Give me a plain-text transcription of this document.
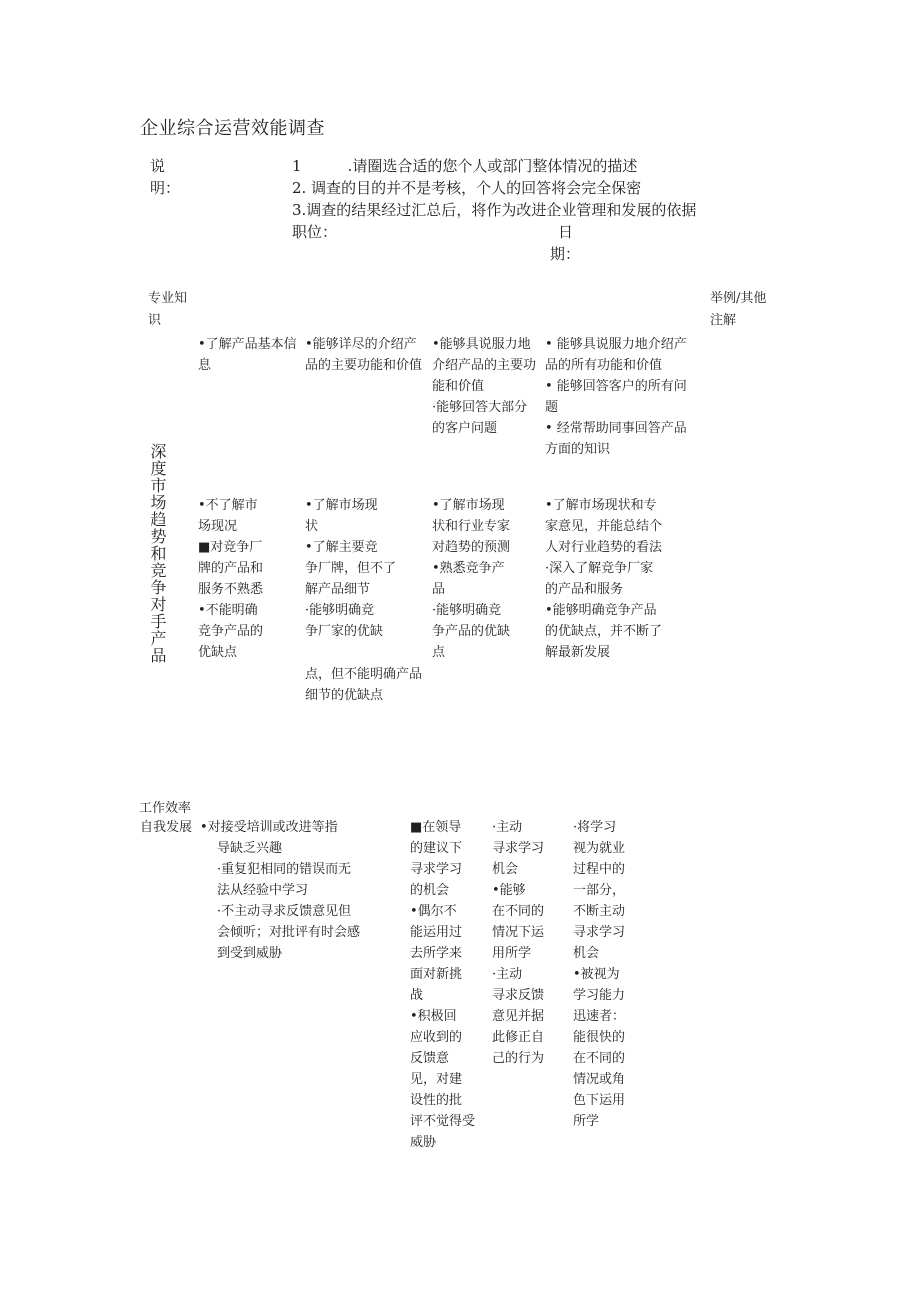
企业综合运营效能调查
说
明：
1	.请圈选合适的您个人或部门整体情况的描述
2. 调查的目的并不是考核，个人的回答将会完全保密
3.调查的结果经过汇总后，将作为改进企业管理和发展的依据
职位：	日
期：
专业知
识
举例/其他
注解
•了解产品基本信
息
•能够详尽的介绍产
品的主要功能和价值
•能够具说服力地
介绍产品的主要功
能和价值
·能够回答大部分
的客户问题
• 能够具说服力地介绍产
品的所有功能和价值
• 能够回答客户的所有问
题
• 经常帮助同事回答产品
方面的知识
深度市场趋势和竞争对手产品 •不了解市
场现况
■对竞争厂
牌的产品和
服务不熟悉
•不能明确
竞争产品的
优缺点
•了解市场现
状
•了解主要竞
争厂牌，但不了
解产品细节
·能够明确竞
争厂家的优缺
点，但不能明确产品
细节的优缺点
•了解市场现
状和行业专家
对趋势的预测
•熟悉竞争产
品
·能够明确竞
争产品的优缺
点
•了解市场现状和专
家意见，并能总结个
人对行业趋势的看法
·深入了解竞争厂家
的产品和服务
•能够明确竞争产品
的优缺点，并不断了
解最新发展
工作效率
自我发展 •对接受培训或改进等指
导缺乏兴趣
·重复犯相同的错误而无
法从经验中学习
·不主动寻求反馈意见但
会倾听；对批评有时会感
到受到威胁
■在领导
的建议下
寻求学习
的机会
•偶尔不
能运用过
去所学来
面对新挑
战
•积极回
应收到的
反馈意
见，对建
设性的批
评不觉得受
威胁
·主动
寻求学习
机会
•能够
在不同的
情况下运
用所学
·主动
寻求反馈
意见并据
此修正自
己的行为
·将学习
视为就业
过程中的
一部分，
不断主动
寻求学习
机会
•被视为
学习能力
迅速者：
能很快的
在不同的
情况或角
色下运用
所学
